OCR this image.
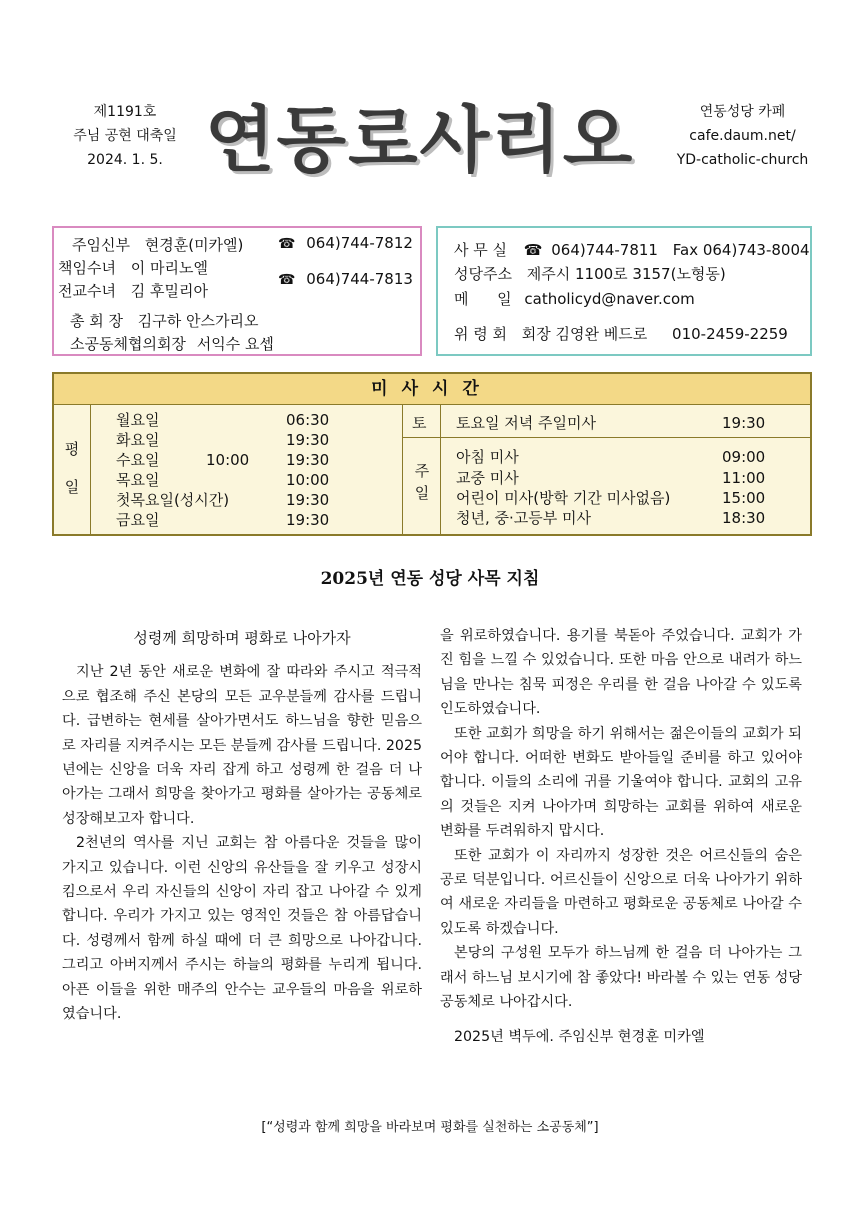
제1191호
주님 공현 대축일
2024. 1. 5. 연동로사리오	연동성당 카페
cafe.daum.net/
YD-catholic-church
주임신부 현경훈(미카엘) ☎ 064)744-7812
책임수녀 이 마리노엘
☎ 064)744-7813
전교수녀 김 후밀리아
총 회 장 김구하 안스가리오
소공동체협의회장 서익수 요셉
사 무 실 ☎ 064)744-7811 Fax 064)743-8004
성당주소 제주시 1100로 3157(노형동)
메      일 catholicyd@naver.com
위 령 회 회장 김영완 베드로 010-2459-2259
미사시간
평일
월요일	06:30
화요일	19:30
수요일	10:00 19:30
목요일	10:00
첫목요일(성시간)	19:30
금요일	19:30
토 토요일 저녁 주일미사	19:30
주일
아침 미사	09:00
교중 미사	11:00
어린이 미사(방학 기간 미사없음)	15:00
청년, 중·고등부 미사	18:30
2025년 연동 성당 사목 지침

성령께 희망하며 평화로 나아가자

지난 2년 동안 새로운 변화에 잘 따라와 주시고 적극적으로 협조해 주신 본당의 모든 교우분들께 감사를 드립니다. 급변하는 현세를 살아가면서도 하느님을 향한 믿음으로 자리를 지켜주시는 모든 분들께 감사를 드립니다. 2025년에는 신앙을 더욱 자리 잡게 하고 성령께 한 걸음 더 나아가는 그래서 희망을 찾아가고 평화를 살아가는 공동체로 성장해보고자 합니다.

2천년의 역사를 지닌 교회는 참 아름다운 것들을 많이 가지고 있습니다. 이런 신앙의 유산들을 잘 키우고 성장시킴으로서 우리 자신들의 신앙이 자리 잡고 나아갈 수 있게 합니다. 우리가 가지고 있는 영적인 것들은 참 아름답습니다. 성령께서 함께 하실 때에 더 큰 희망으로 나아갑니다. 그리고 아버지께서 주시는 하늘의 평화를 누리게 됩니다. 아픈 이들을 위한 매주의 안수는 교우들의 마음을 위로하였습니다.

을 위로하였습니다. 용기를 북돋아 주었습니다. 교회가 가진 힘을 느낄 수 있었습니다. 또한 마음 안으로 내려가 하느님을 만나는 침묵 피정은 우리를 한 걸음 나아갈 수 있도록 인도하였습니다.

또한 교회가 희망을 하기 위해서는 젊은이들의 교회가 되어야 합니다. 어떠한 변화도 받아들일 준비를 하고 있어야 합니다. 이들의 소리에 귀를 기울여야 합니다. 교회의 고유의 것들은 지켜 나아가며 희망하는 교회를 위하여 새로운 변화를 두려워하지 맙시다.

또한 교회가 이 자리까지 성장한 것은 어르신들의 숨은 공로 덕분입니다. 어르신들이 신앙으로 더욱 나아가기 위하여 새로운 자리들을 마련하고 평화로운 공동체로 나아갈 수 있도록 하겠습니다.

본당의 구성원 모두가 하느님께 한 걸음 더 나아가는 그래서 하느님 보시기에 참 좋았다! 바라볼 수 있는 연동 성당 공동체로 나아갑시다.

2025년 벽두에. 주임신부 현경훈 미카엘

[“성령과 함께 희망을 바라보며 평화를 실천하는 소공동체”]
